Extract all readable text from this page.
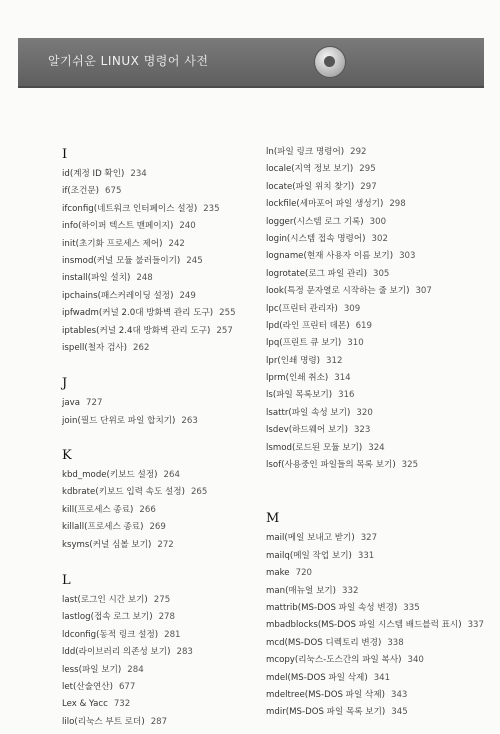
알기쉬운 LINUX 명령어 사전
I
id(계정 ID 확인) 234
if(조건문) 675
ifconfig(네트워크 인터페이스 설정) 235
info(하이퍼 텍스트 맨페이지) 240
init(초기화 프로세스 제어) 242
insmod(커널 모듈 불러들이기) 245
install(파일 설치) 248
ipchains(패스커레이딩 설정) 249
ipfwadm(커널 2.0대 방화벽 관리 도구) 255
iptables(커널 2.4대 방화벽 관리 도구) 257
ispell(철자 검사) 262
J
java 727
join(필드 단위로 파일 합치기) 263
K
kbd_mode(키보드 설정) 264
kdbrate(키보드 입력 속도 설정) 265
kill(프로세스 종료) 266
killall(프로세스 종료) 269
ksyms(커널 심볼 보기) 272
L
last(로그인 시간 보기) 275
lastlog(접속 로그 보기) 278
ldconfig(동적 링크 설정) 281
ldd(라이브러리 의존성 보기) 283
less(파일 보기) 284
let(산술연산) 677
Lex & Yacc 732
lilo(리눅스 부트 로더) 287
ln(파일 링크 명령어) 292
locale(지역 정보 보기) 295
locate(파일 위치 찾기) 297
lockfile(세마포어 파일 생성기) 298
logger(시스템 로그 기록) 300
login(시스템 접속 명령어) 302
logname(현재 사용자 이름 보기) 303
logrotate(로그 파일 관리) 305
look(특정 문자열로 시작하는 줄 보기) 307
lpc(프린터 관리자) 309
lpd(라인 프린터 데몬) 619
lpq(프린트 큐 보기) 310
lpr(인쇄 명령) 312
lprm(인쇄 취소) 314
ls(파일 목록보기) 316
lsattr(파일 속성 보기) 320
lsdev(하드웨어 보기) 323
lsmod(로드된 모듈 보기) 324
lsof(사용중인 파일들의 목록 보기) 325
M
mail(메일 보내고 받기) 327
mailq(메일 작업 보기) 331
make 720
man(매뉴얼 보기) 332
mattrib(MS-DOS 파일 속성 변경) 335
mbadblocks(MS-DOS 파일 시스템 배드블럭 표시) 337
mcd(MS-DOS 디렉토리 변경) 338
mcopy(리눅스-도스간의 파일 복사) 340
mdel(MS-DOS 파일 삭제) 341
mdeltree(MS-DOS 파일 삭제) 343
mdir(MS-DOS 파일 목록 보기) 345
